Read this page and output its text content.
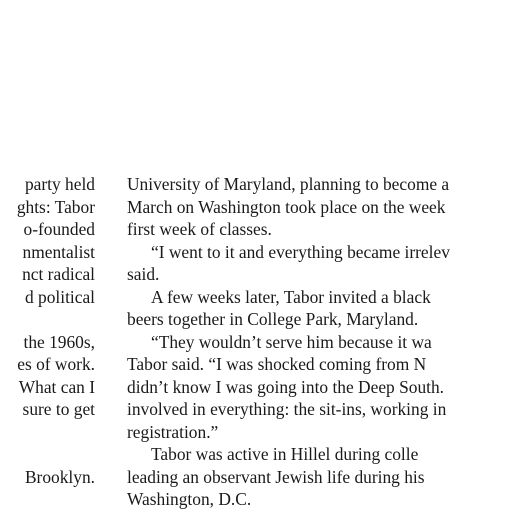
party held
ghts: Tabor
o-founded
nmentalist
nct radical
d political
the 1960s,
es of work.
What can I
sure to get
Brooklyn.
University of Maryland, planning to become a
March on Washington took place on the week
first week of classes.
“I went to it and everything became irrelev
said.
A few weeks later, Tabor invited a black
beers together in College Park, Maryland.
“They wouldn’t serve him because it wa
Tabor said. “I was shocked coming from N
didn’t know I was going into the Deep South.
involved in everything: the sit-ins, working in
registration.”
Tabor was active in Hillel during colle
leading an observant Jewish life during his
Washington, D.C.
